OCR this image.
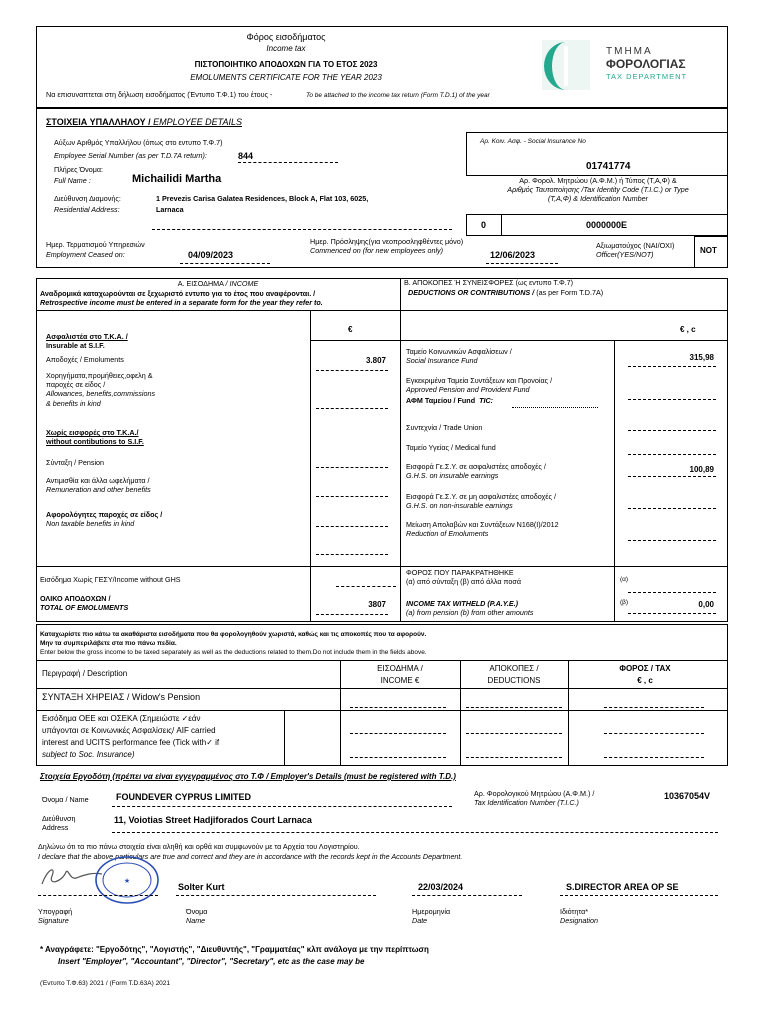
Φόρος εισοδήματος
Income tax
ΠΙΣΤΟΠΟΙΗΤΙΚΟ ΑΠΟΔΟΧΩΝ ΓΙΑ ΤΟ ΕΤΟΣ 2023
EMOLUMENTS CERTIFICATE FOR THE YEAR 2023
Να επισυναπτεται στη δήλωση εισοδήματος (Έντυπο Τ.Φ.1) του έτους -	To be attached to the income tax return (Form T.D.1) of the year
ΤΜΗΜΑ
ΦΟΡΟΛΟΓΙΑΣ
TAX DEPARTMENT
ΣΤΟΙΧΕΙΑ ΥΠΑΛΛΗΛΟΥ / EMPLOYEE DETAILS
Αύξων Αριθμός Υπαλλήλου (όπως στο εντυπο Τ.Φ.7)
Employee Serial Number (as per T.D.7A return):	844
Πλήρες Όνομα:
Full Name :	Michailidi Martha
Διεύθυνση Διαμονής:
Residential Address:
1 Prevezis Carisa Galatea Residences, Block A, Flat 103, 6025,
Larnaca
Αρ. Κοιν. Ασφ. - Social Insurance No
01741774
Αρ. Φορολ. Μητρώου (Α.Φ.Μ.) ή Τύπος (Τ,Α,Φ) &
Αριθμός Ταυτοποίησης /Tax Identity Code (T.I.C.) or Type
(T,A,Φ) & Identification Number
0	0000000E
Ημερ. Τερματισμού Υπηρεσιών
Employment Ceased on:	04/09/2023
Ημερ. Πρόσληψης(για νεοπροσληφθέντες μόνο)
Commenced on (for new employees only)	12/06/2023
Αξιωματούχος (ΝΑΙ/ΟΧΙ)
Officer(YES/NOT)	NOT
Α. ΕΙΣΟΔΗΜΑ / INCOME
Αναδρομικά καταχωρούνται σε ξεχωριστό εντυπο για το έτος που αναφέρονται. /
Retrospective income must be entered in a separate form for the year they refer to.
€
Ασφαλιστέα στο Τ.Κ.Α. /
Insurable at S.I.F.
Αποδοχές / Emoluments	3.807
Χορηγήματα,προμήθειες,οφελη &
παροχές σε είδος /
Allowances, benefits,commissions
& benefits in kind
Χωρίς εισφορές στο Τ.Κ.Α./
without contibutions to S.I.F.
Σύνταξη / Pension
Αντιμισθία και άλλα ωφελήματα /
Remuneration and other benefits
Αφορολόγητες παροχές σε είδος /
Non taxable benefits in kind
Εισόδημα Χωρίς ΓΕΣΥ/Income without GHS
ΟΛΙΚΟ ΑΠΟΔΟΧΩΝ /
TOTAL OF EMOLUMENTS	3807
Β. ΑΠΟΚΟΠΕΣ Ή ΣΥΝΕΙΣΦΟΡΕΣ (ως εντυπο Τ.Φ.7)
DEDUCTIONS OR CONTRIBUTIONS / (as per Form T.D.7A)
€ , c
Ταμείο Κοινωνικών Ασφαλίσεων /
Social Insurance Fund	315,98
Εγκεκριμένα Ταμεία Συντάξεων και Προνοίας /
Approved Pension and Provident Fund
ΑΦΜ Ταμείου / Fund TIC:
Συντεχνία / Trade Union
Ταμείο Υγείας / Medical fund
Εισφορά Γε.Σ.Υ. σε ασφαλιστέες αποδοχές /
G.H.S. on insurable earnings
100,89
Εισφορά Γε.Σ.Υ. σε μη ασφαλιστέες αποδοχές /
G.H.S. on non-insurable earnings
Μείωση Απολαβών και Συντάξεων Ν168(Ι)/2012
Reduction of Emoluments
ΦΟΡΟΣ ΠΟΥ ΠΑΡΑΚΡΑΤΗΘΗΚΕ
(α) από σύνταξη (β) από άλλα ποσά
INCOME TAX WITHELD (P.A.Y.E.)
(a) from pension (b) from other amounts
(α)
(β)	0,00
Καταχωρίστε πιο κάτω τα ακαθάριστα εισοδήματα που θα φορολογηθούν χωριστά, καθώς και τις αποκοπές που τα αφορούν.
Μην τα συμπεριλάβετε στα πιο πάνω πεδία.
Enter below the gross income to be taxed separately as well as the deductions related to them.Do not include them in the fields above.
Περιγραφή / Description
ΕΙΣΟΔΗΜΑ /
INCOME €
ΑΠΟΚΟΠΕΣ /
DEDUCTIONS
ΦΟΡΟΣ / TAX
€ , c
ΣΥΝΤΑΞΗ ΧΗΡΕΙΑΣ / Widow's Pension
Εισόδημα ΟΕΕ και ΟΣΕΚΑ (Σημειώστε ✓εάν
υπάγονται σε Κοινωνικές Ασφαλίσεις/ AIF carried
interest and UCITS performance fee (Tick with✓ if
subject to Soc. Insurance)
Στοιχεία Εργοδότη (πρέπει να είναι εγγεγραμμένος στο Τ.Φ / Employer's Details (must be registered with T.D.)
Όνομα / Name	FOUNDEVER CYPRUS LIMITED	Αρ. Φορολογικού Μητρώου (Α.Φ.Μ.) /
Tax Identification Number (T.I.C.)
10367054V
Διεύθυνση
Address
11, Voiotias Street Hadjiforados Court Larnaca
Δηλώνω ότι τα πιο πάνω στοιχεία είναι αληθή και ορθά και συμφωνούν με τα Αρχεία του Λογιστηρίου.
I declare that the above particulars are true and correct and they are in accordance with the records kept in the Accounts Department.
★
Solter Kurt	22/03/2024	S.DIRECTOR AREA OP SE
Υπογραφή
Signature
Όνομα
Name
Ημερομηνία
Date
Ιδιότητα*
Designation
* Αναγράφετε: "Εργοδότης", "Λογιστής", "Διευθυντής", "Γραμματέας" κλπ ανάλογα με την περίπτωση
Insert "Employer", "Accountant", "Director", "Secretary", etc as the case may be
(Έντυπο Τ.Φ.63) 2021 / (Form T.D.63A) 2021
